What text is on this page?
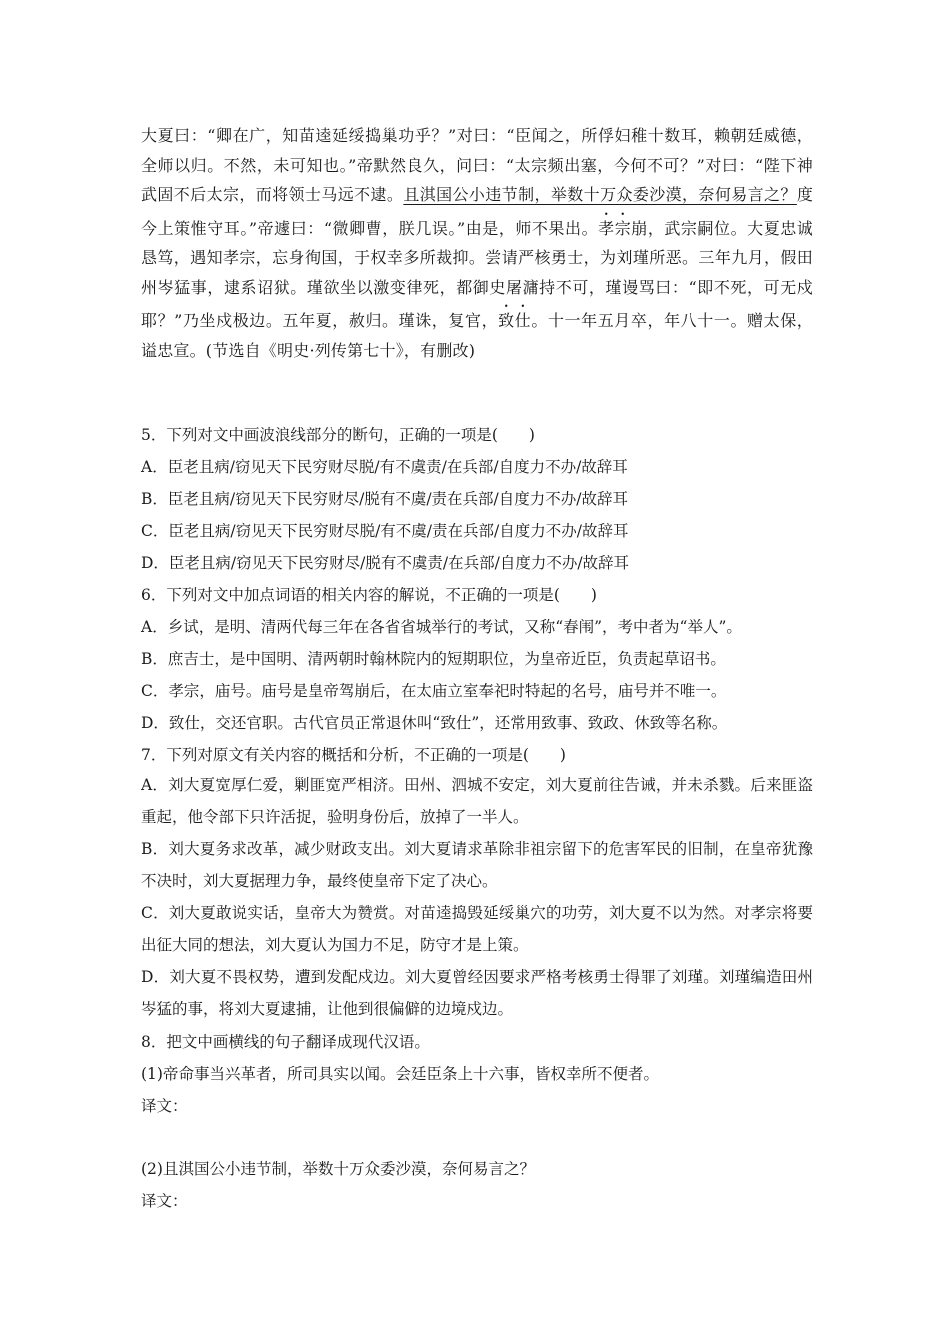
大夏曰：“卿在广，知苗逵延绥捣巢功乎？”对曰：“臣闻之，所俘妇稚十数耳，赖朝廷威德，全师以归。不然，未可知也。”帝默然良久，问曰：“太宗频出塞，今何不可？”对曰：“陛下神武固不后太宗，而将领士马远不逮。且淇国公小违节制，举数十万众委沙漠，奈何易言之？度今上策惟守耳。”帝遽曰：“微卿曹，朕几误。”由是，师不果出。孝宗崩，武宗嗣位。大夏忠诚恳笃，遇知孝宗，忘身徇国，于权幸多所裁抑。尝请严核勇士，为刘瑾所恶。三年九月，假田州岑猛事，逮系诏狱。瑾欲坐以激变律死，都御史屠滽持不可，瑾谩骂曰：“即不死，可无戍耶？”乃坐戍极边。五年夏，赦归。瑾诛，复官，致仕。十一年五月卒，年八十一。赠太保，谥忠宣。(节选自《明史·列传第七十》，有删改)

5．下列对文中画波浪线部分的断句，正确的一项是(　　)
A．臣老且病/窃见天下民穷财尽脱/有不虞责/在兵部/自度力不办/故辞耳
B．臣老且病/窃见天下民穷财尽/脱有不虞/责在兵部/自度力不办/故辞耳
C．臣老且病/窃见天下民穷财尽脱/有不虞/责在兵部/自度力不办/故辞耳
D．臣老且病/窃见天下民穷财尽/脱有不虞责/在兵部/自度力不办/故辞耳
6．下列对文中加点词语的相关内容的解说，不正确的一项是(　　)
A．乡试，是明、清两代每三年在各省省城举行的考试，又称“春闱”，考中者为“举人”。
B．庶吉士，是中国明、清两朝时翰林院内的短期职位，为皇帝近臣，负责起草诏书。
C．孝宗，庙号。庙号是皇帝驾崩后，在太庙立室奉祀时特起的名号，庙号并不唯一。
D．致仕，交还官职。古代官员正常退休叫“致仕”，还常用致事、致政、休致等名称。
7．下列对原文有关内容的概括和分析，不正确的一项是(　　)
A．刘大夏宽厚仁爱，剿匪宽严相济。田州、泗城不安定，刘大夏前往告诫，并未杀戮。后来匪盗重起，他令部下只许活捉，验明身份后，放掉了一半人。
B．刘大夏务求改革，减少财政支出。刘大夏请求革除非祖宗留下的危害军民的旧制，在皇帝犹豫不决时，刘大夏据理力争，最终使皇帝下定了决心。
C．刘大夏敢说实话，皇帝大为赞赏。对苗逵捣毁延绥巢穴的功劳，刘大夏不以为然。对孝宗将要出征大同的想法，刘大夏认为国力不足，防守才是上策。
D．刘大夏不畏权势，遭到发配戍边。刘大夏曾经因要求严格考核勇士得罪了刘瑾。刘瑾编造田州岑猛的事，将刘大夏逮捕，让他到很偏僻的边境戍边。
8．把文中画横线的句子翻译成现代汉语。
(1)帝命事当兴革者，所司具实以闻。会廷臣条上十六事，皆权幸所不便者。
译文：
(2)且淇国公小违节制，举数十万众委沙漠，奈何易言之？
译文：
